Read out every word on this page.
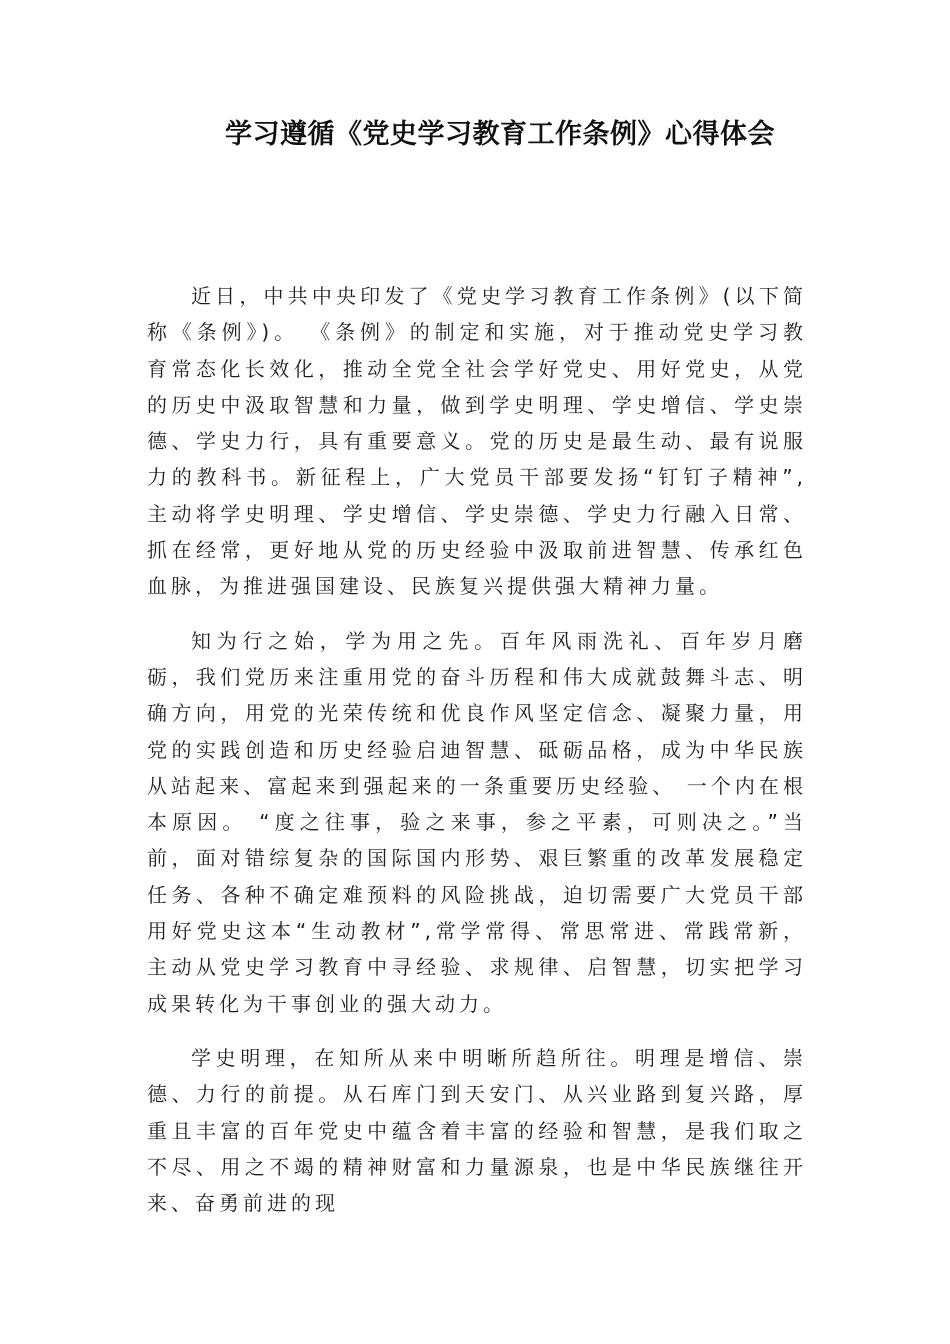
学习遵循《党史学习教育工作条例》心得体会

近日，中共中央印发了《党史学习教育工作条例》(以下简称《条例》)。 《条例》的制定和实施，对于推动党史学习教育常态化长效化，推动全党全社会学好党史、用好党史，从党的历史中汲取智慧和力量，做到学史明理、学史增信、学史崇德、学史力行，具有重要意义。党的历史是最生动、最有说服力的教科书。新征程上，广大党员干部要发扬“钉钉子精神”,主动将学史明理、学史增信、学史崇德、学史力行融入日常、抓在经常，更好地从党的历史经验中汲取前进智慧、传承红色血脉，为推进强国建设、民族复兴提供强大精神力量。

知为行之始，学为用之先。百年风雨洗礼、百年岁月磨砺，我们党历来注重用党的奋斗历程和伟大成就鼓舞斗志、明确方向，用党的光荣传统和优良作风坚定信念、凝聚力量，用党的实践创造和历史经验启迪智慧、砥砺品格，成为中华民族从站起来、富起来到强起来的一条重要历史经验、 一个内在根本原因。 “度之往事，验之来事，参之平素，可则决之。”当前，面对错综复杂的国际国内形势、艰巨繁重的改革发展稳定任务、各种不确定难预料的风险挑战，迫切需要广大党员干部用好党史这本“生动教材”,常学常得、常思常进、常践常新，主动从党史学习教育中寻经验、求规律、启智慧，切实把学习成果转化为干事创业的强大动力。

学史明理，在知所从来中明晰所趋所往。明理是增信、崇德、力行的前提。从石库门到天安门、从兴业路到复兴路，厚重且丰富的百年党史中蕴含着丰富的经验和智慧，是我们取之不尽、用之不竭的精神财富和力量源泉，也是中华民族继往开来、奋勇前进的现
